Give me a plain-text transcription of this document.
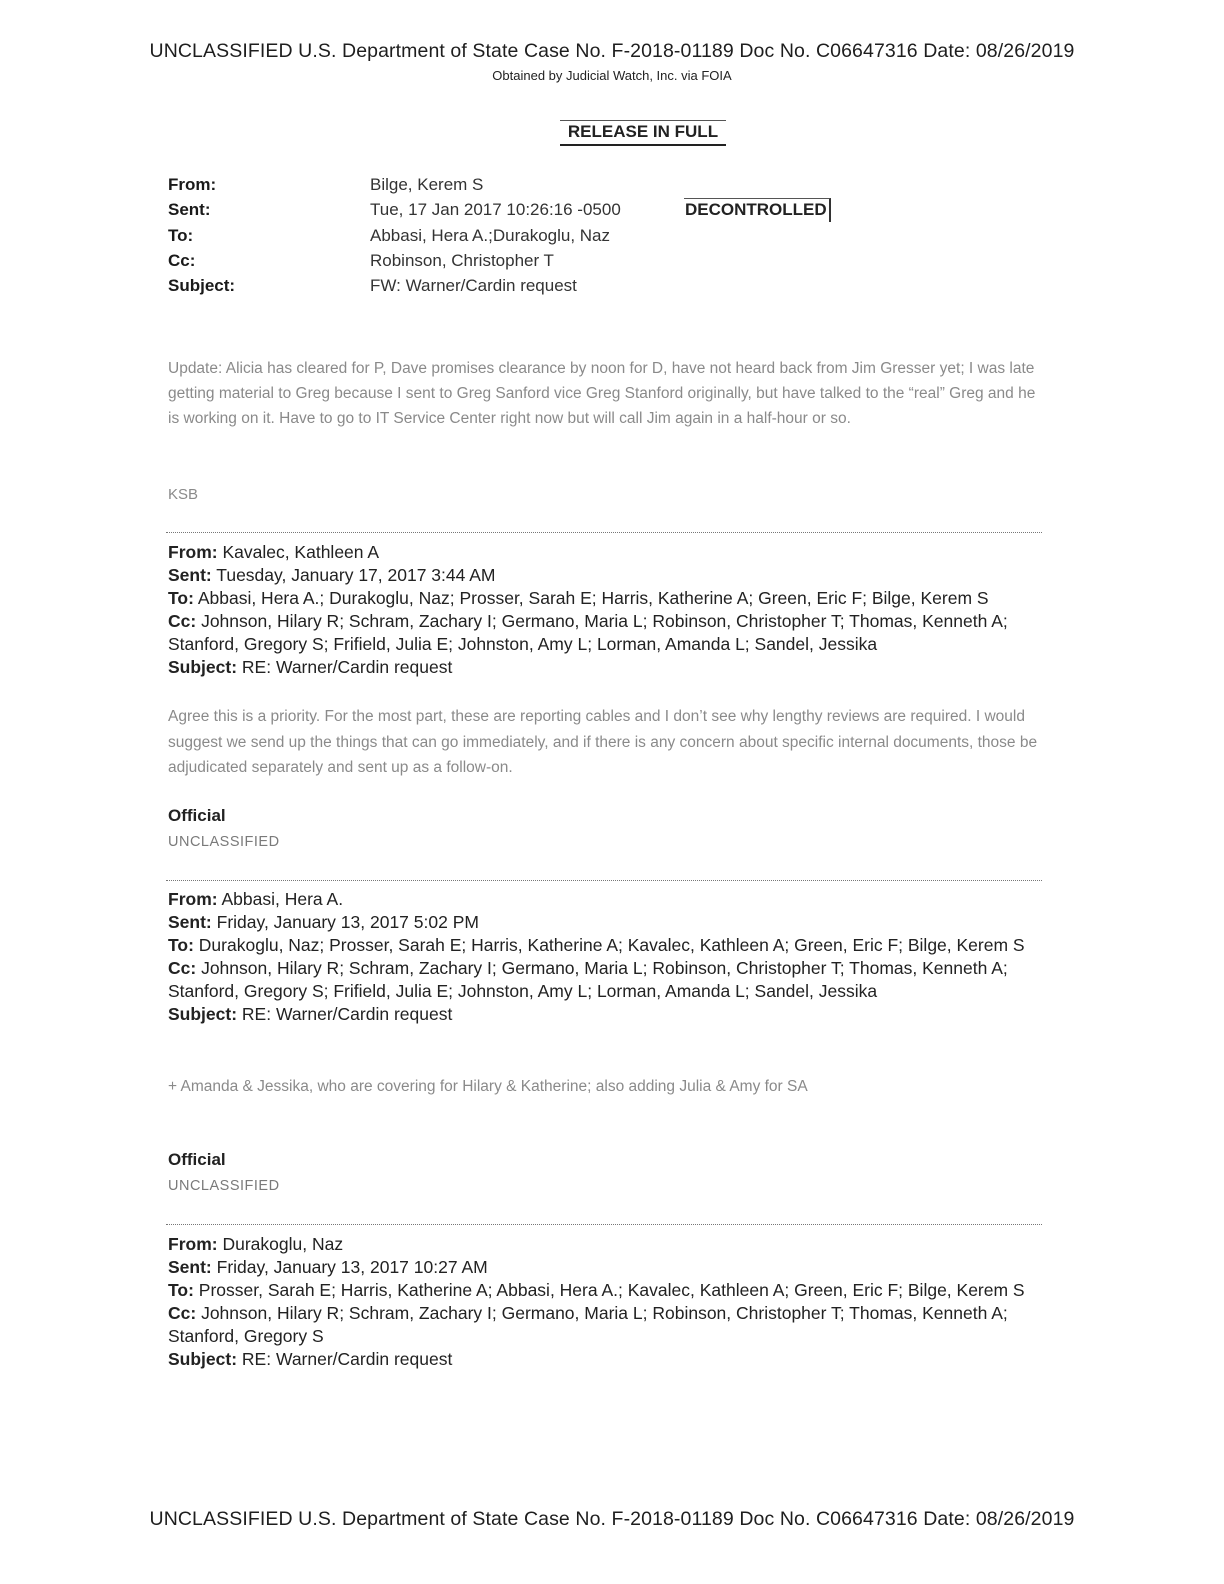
UNCLASSIFIED U.S. Department of State Case No. F-2018-01189 Doc No. C06647316 Date: 08/26/2019
Obtained by Judicial Watch, Inc. via FOIA
RELEASE IN FULL
DECONTROLLED
From:	Bilge, Kerem S
Sent:	Tue, 17 Jan 2017 10:26:16 -0500
To:	Abbasi, Hera A.;Durakoglu, Naz
Cc:	Robinson, Christopher T
Subject:	FW: Warner/Cardin request
Update: Alicia has cleared for P, Dave promises clearance by noon for D, have not heard back from Jim Gresser yet; I was late getting material to Greg because I sent to Greg Sanford vice Greg Stanford originally, but have talked to the “real” Greg and he is working on it. Have to go to IT Service Center right now but will call Jim again in a half-hour or so.
KSB
From: Kavalec, Kathleen A
Sent: Tuesday, January 17, 2017 3:44 AM
To: Abbasi, Hera A.; Durakoglu, Naz; Prosser, Sarah E; Harris, Katherine A; Green, Eric F; Bilge, Kerem S
Cc: Johnson, Hilary R; Schram, Zachary I; Germano, Maria L; Robinson, Christopher T; Thomas, Kenneth A; Stanford, Gregory S; Frifield, Julia E; Johnston, Amy L; Lorman, Amanda L; Sandel, Jessika
Subject: RE: Warner/Cardin request
Agree this is a priority. For the most part, these are reporting cables and I don’t see why lengthy reviews are required. I would suggest we send up the things that can go immediately, and if there is any concern about specific internal documents, those be adjudicated separately and sent up as a follow-on.
Official
UNCLASSIFIED
From: Abbasi, Hera A.
Sent: Friday, January 13, 2017 5:02 PM
To: Durakoglu, Naz; Prosser, Sarah E; Harris, Katherine A; Kavalec, Kathleen A; Green, Eric F; Bilge, Kerem S
Cc: Johnson, Hilary R; Schram, Zachary I; Germano, Maria L; Robinson, Christopher T; Thomas, Kenneth A; Stanford, Gregory S; Frifield, Julia E; Johnston, Amy L; Lorman, Amanda L; Sandel, Jessika
Subject: RE: Warner/Cardin request
+ Amanda & Jessika, who are covering for Hilary & Katherine; also adding Julia & Amy for SA
Official
UNCLASSIFIED
From: Durakoglu, Naz
Sent: Friday, January 13, 2017 10:27 AM
To: Prosser, Sarah E; Harris, Katherine A; Abbasi, Hera A.; Kavalec, Kathleen A; Green, Eric F; Bilge, Kerem S
Cc: Johnson, Hilary R; Schram, Zachary I; Germano, Maria L; Robinson, Christopher T; Thomas, Kenneth A; Stanford, Gregory S
Subject: RE: Warner/Cardin request
UNCLASSIFIED U.S. Department of State Case No. F-2018-01189 Doc No. C06647316 Date: 08/26/2019
